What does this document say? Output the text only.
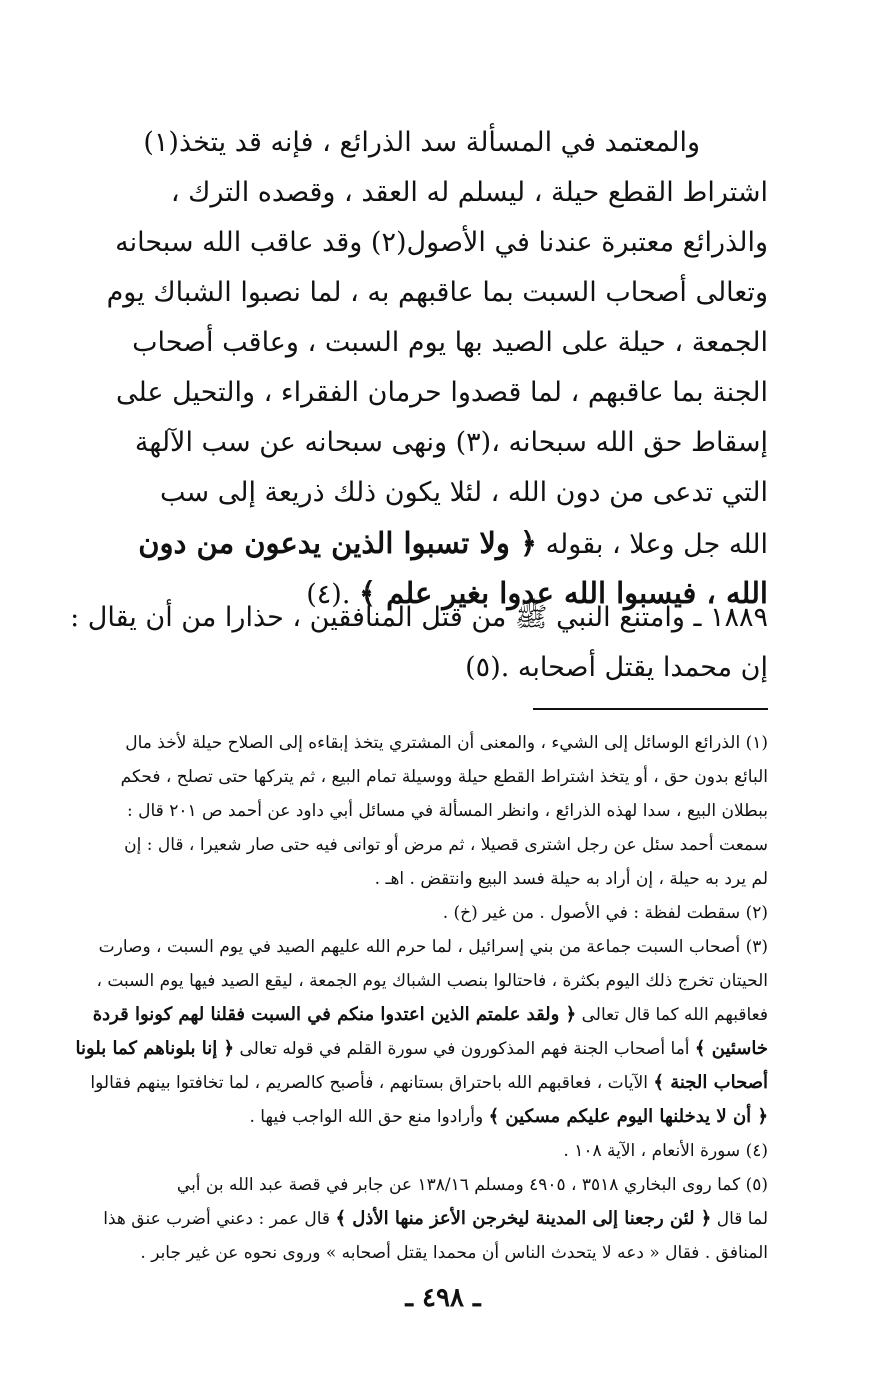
والمعتمد في المسألة سد الذرائع ، فإنه قد يتخذ(١)
اشتراط القطع حيلة ، ليسلم له العقد ، وقصده الترك ،
والذرائع معتبرة عندنا في الأصول(٢) وقد عاقب الله سبحانه
وتعالى أصحاب السبت بما عاقبهم به ، لما نصبوا الشباك يوم
الجمعة ، حيلة على الصيد بها يوم السبت ، وعاقب أصحاب
الجنة بما عاقبهم ، لما قصدوا حرمان الفقراء ، والتحيل على
إسقاط حق الله سبحانه ،(٣) ونهى سبحانه عن سب الآلهة
التي تدعى من دون الله ، لئلا يكون ذلك ذريعة إلى سب
الله جل وعلا ، بقوله ﴿ ولا تسبوا الذين يدعون من دون
الله ، فيسبوا الله عدوا بغير علم ﴾ .(٤)
١٨٨٩ ـ وامتنع النبي ﷺ من قتل المنافقين ، حذارا من أن يقال :
إن محمدا يقتل أصحابه .(٥)
(١) الذرائع الوسائل إلى الشيء ، والمعنى أن المشتري يتخذ إبقاءه إلى الصلاح حيلة لأخذ مال
البائع بدون حق ، أو يتخذ اشتراط القطع حيلة ووسيلة تمام البيع ، ثم يتركها حتى تصلح ، فحكم
ببطلان البيع ، سدا لهذه الذرائع ، وانظر المسألة في مسائل أبي داود عن أحمد ص ٢٠١ قال :
سمعت أحمد سئل عن رجل اشترى قصيلا ، ثم مرض أو توانى فيه حتى صار شعيرا ، قال : إن
لم يرد به حيلة ، إن أراد به حيلة فسد البيع وانتقض . اهـ .
(٢) سقطت لفظة : في الأصول . من غير (خ) .
(٣) أصحاب السبت جماعة من بني إسرائيل ، لما حرم الله عليهم الصيد في يوم السبت ، وصارت
الحيتان تخرج ذلك اليوم بكثرة ، فاحتالوا بنصب الشباك يوم الجمعة ، ليقع الصيد فيها يوم السبت ،
فعاقبهم الله كما قال تعالى ﴿ ولقد علمتم الذين اعتدوا منكم في السبت فقلنا لهم كونوا قردة
خاسئين ﴾ أما أصحاب الجنة فهم المذكورون في سورة القلم في قوله تعالى ﴿ إنا بلوناهم كما بلونا
أصحاب الجنة ﴾ الآيات ، فعاقبهم الله باحتراق بستانهم ، فأصبح كالصريم ، لما تخافتوا بينهم فقالوا
﴿ أن لا يدخلنها اليوم عليكم مسكين ﴾ وأرادوا منع حق الله الواجب فيها .
(٤) سورة الأنعام ، الآية ١٠٨ .
(٥) كما روى البخاري ٣٥١٨ ، ٤٩٠٥ ومسلم ١٣٨/١٦ عن جابر في قصة عبد الله بن أبي
لما قال ﴿ لئن رجعنا إلى المدينة ليخرجن الأعز منها الأذل ﴾ قال عمر : دعني أضرب عنق هذا
المنافق . فقال « دعه لا يتحدث الناس أن محمدا يقتل أصحابه » وروى نحوه عن غير جابر .
ـ ٤٩٨ ـ
